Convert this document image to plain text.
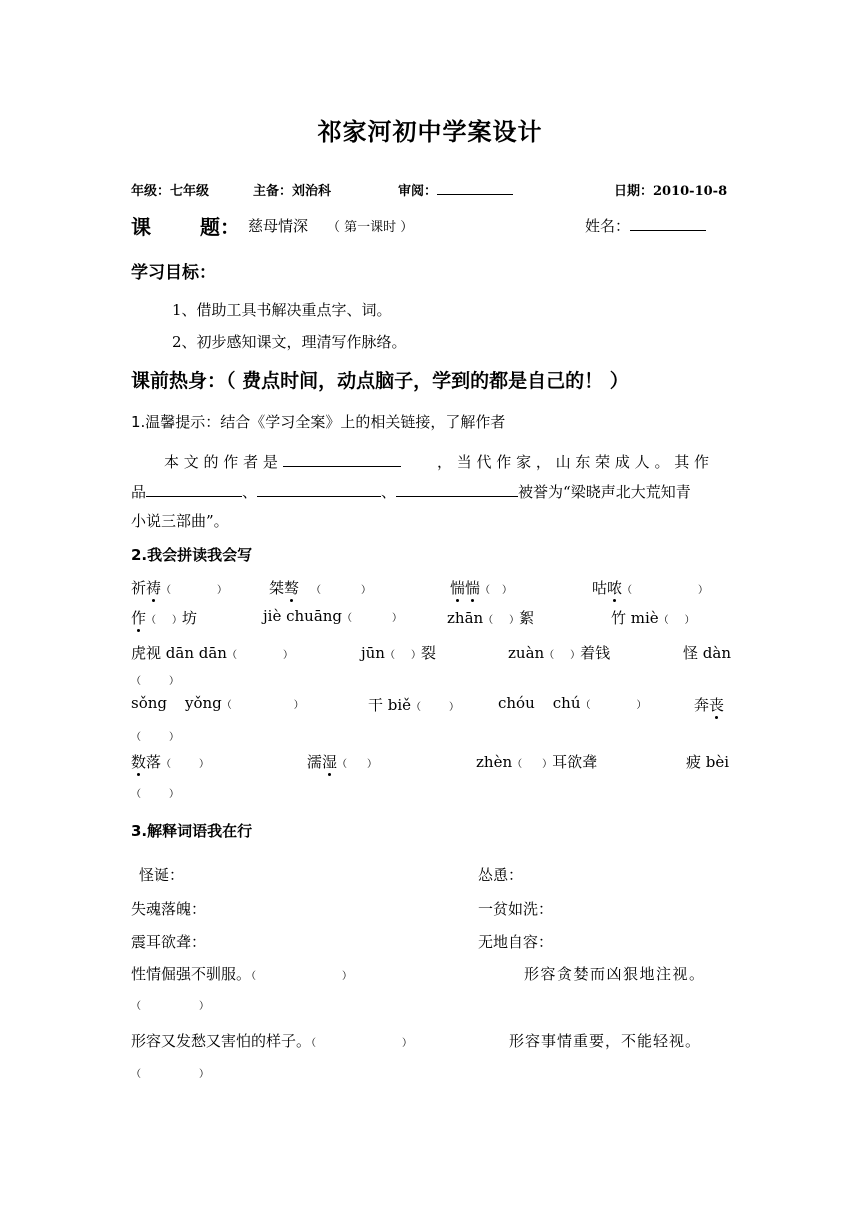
祁家河初中学案设计
年级：七年级	主备：刘治科	审阅：	日期：2010-10-8
课 题： 慈母情深 （ 第一课时 ）	姓名：
学习目标：
1、借助工具书解决重点字、词。
2、初步感知课文，理清写作脉络。
课前热身：（ 费点时间，动点脑子，学到的都是自己的！ ）
1.温馨提示：结合《学习全案》上的相关链接，了解作者
本 文 的 作 者 是	， 当 代 作 家 ， 山 东 荣 成 人 。 其 作
品	、	、	被誉为“梁晓声北大荒知青
小说三部曲”。
2.我会拼读我会写
祈祷（	）	桀骜 （	）	惴惴（ ）	咕哝（	）
作（ ）坊	jiè chuāng（	）	zhān（ ）絮	竹 miè（ ）
虎视 dān dān（	）	jūn（ ）裂	zuàn（ ）着钱	怪 dàn
（	）
sǒng yǒng（	）	干 biě（	）	chóu chú（	）	奔丧
（	）
数落（	）	濡湿（ ）	zhèn（ ）耳欲聋	疲 bèi
（	）
3.解释词语我在行
怪诞：	怂恿：
失魂落魄：	一贫如洗：
震耳欲聋：	无地自容：
性情倔强不驯服。（	）	形容贪婪而凶狠地注视。
（	）
形容又发愁又害怕的样子。（	）	形容事情重要，不能轻视。
（	）
